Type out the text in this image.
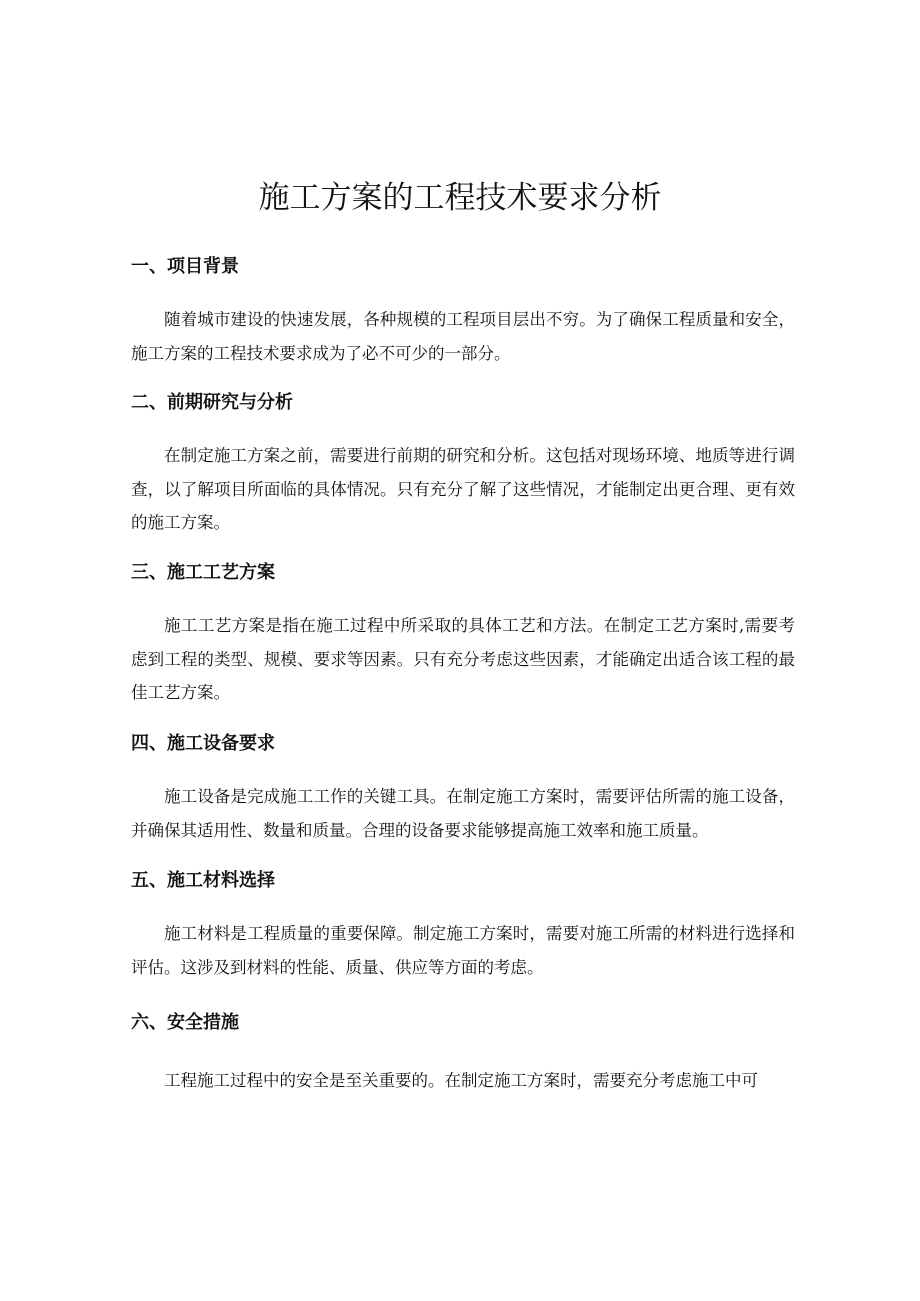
施工方案的工程技术要求分析
一、项目背景

随着城市建设的快速发展，各种规模的工程项目层出不穷。为了确保工程质量和安全，施工方案的工程技术要求成为了必不可少的一部分。

二、前期研究与分析

在制定施工方案之前，需要进行前期的研究和分析。这包括对现场环境、地质等进行调查，以了解项目所面临的具体情况。只有充分了解了这些情况，才能制定出更合理、更有效的施工方案。

三、施工工艺方案

施工工艺方案是指在施工过程中所采取的具体工艺和方法。在制定工艺方案时,需要考虑到工程的类型、规模、要求等因素。只有充分考虑这些因素，才能确定出适合该工程的最佳工艺方案。

四、施工设备要求

施工设备是完成施工工作的关键工具。在制定施工方案时，需要评估所需的施工设备，并确保其适用性、数量和质量。合理的设备要求能够提高施工效率和施工质量。

五、施工材料选择

施工材料是工程质量的重要保障。制定施工方案时，需要对施工所需的材料进行选择和评估。这涉及到材料的性能、质量、供应等方面的考虑。

六、安全措施

工程施工过程中的安全是至关重要的。在制定施工方案时，需要充分考虑施工中可
